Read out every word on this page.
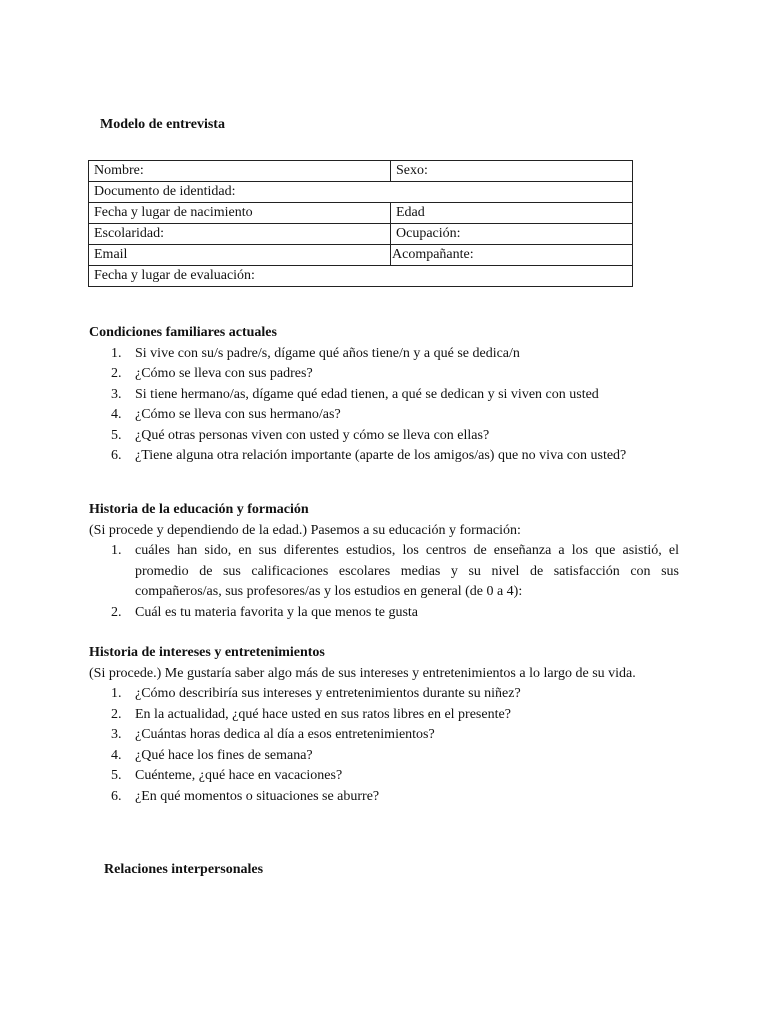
Modelo de entrevista
Nombre:	Sexo:
Documento de identidad:	
Fecha y lugar de nacimiento	Edad
Escolaridad:	Ocupación:
Email	Acompañante:
Fecha y lugar de evaluación:	
Condiciones familiares actuales
1. Si vive con su/s padre/s, dígame qué años tiene/n y a qué se dedica/n
2. ¿Cómo se lleva con sus padres?
3. Si tiene hermano/as, dígame qué edad tienen, a qué se dedican y si viven con usted
4. ¿Cómo se lleva con sus hermano/as?
5. ¿Qué otras personas viven con usted y cómo se lleva con ellas?
6. ¿Tiene alguna otra relación importante (aparte de los amigos/as) que no viva con usted?
Historia de la educación y formación

(Si procede y dependiendo de la edad.) Pasemos a su educación y formación:

1. cuáles han sido, en sus diferentes estudios, los centros de enseñanza a los que asistió, el promedio de sus calificaciones escolares medias y su nivel de satisfacción con sus compañeros/as, sus profesores/as y los estudios en general (de 0 a 4):
2. Cuál es tu materia favorita y la que menos te gusta
Historia de intereses y entretenimientos

(Si procede.) Me gustaría saber algo más de sus intereses y entretenimientos a lo largo de su vida.

1. ¿Cómo describiría sus intereses y entretenimientos durante su niñez?
2. En la actualidad, ¿qué hace usted en sus ratos libres en el presente?
3. ¿Cuántas horas dedica al día a esos entretenimientos?
4. ¿Qué hace los fines de semana?
5. Cuénteme, ¿qué hace en vacaciones?
6. ¿En qué momentos o situaciones se aburre?
Relaciones interpersonales
